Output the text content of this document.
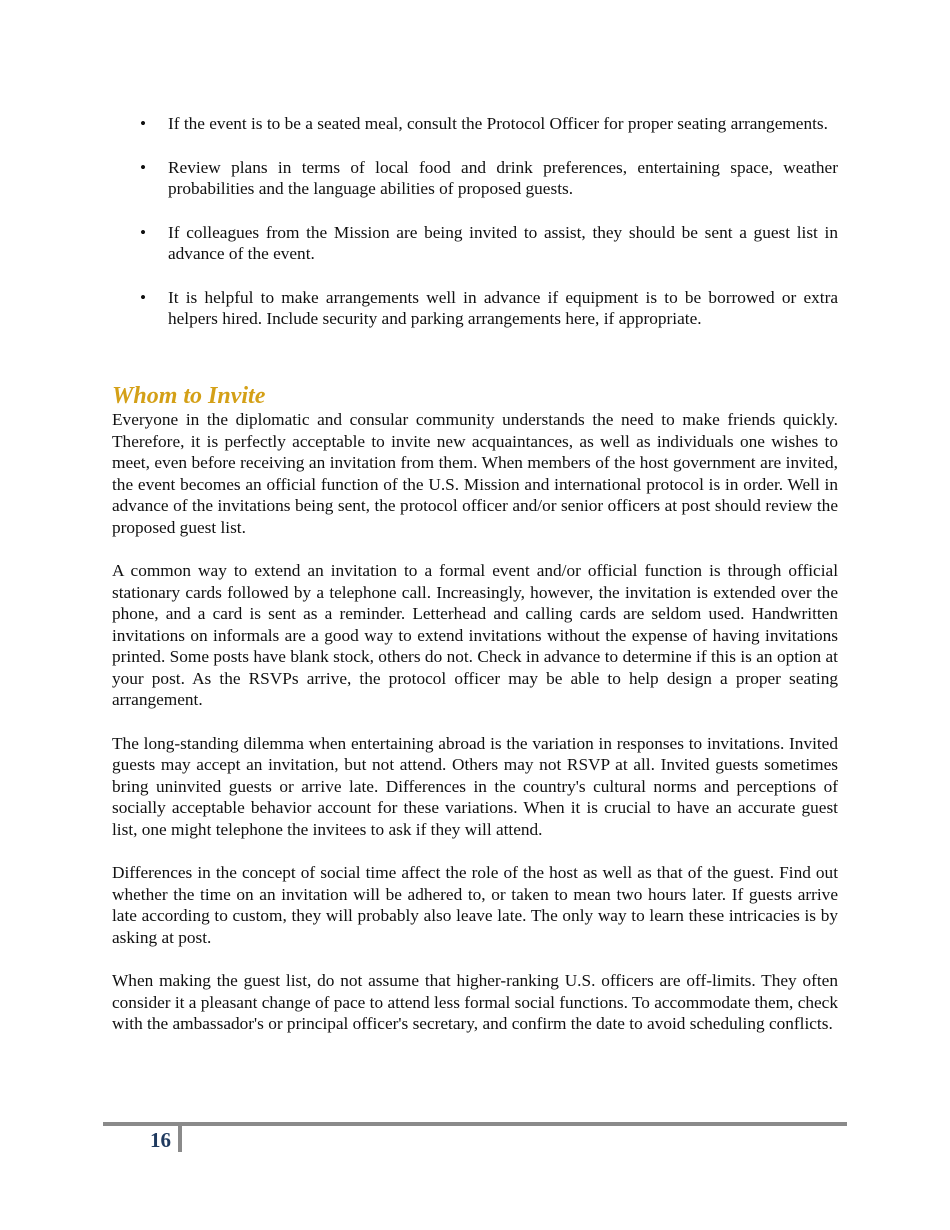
• If the event is to be a seated meal, consult the Protocol Officer for proper seating arrangements.
• Review plans in terms of local food and drink preferences, entertaining space, weather probabilities and the language abilities of proposed guests.
• If colleagues from the Mission are being invited to assist, they should be sent a guest list in advance of the event.
• It is helpful to make arrangements well in advance if equipment is to be borrowed or extra helpers hired. Include security and parking arrangements here, if appropriate.
Whom to Invite

Everyone in the diplomatic and consular community understands the need to make friends quickly. Therefore, it is perfectly acceptable to invite new acquaintances, as well as individuals one wishes to meet, even before receiving an invitation from them. When members of the host government are invited, the event becomes an official function of the U.S. Mission and international protocol is in order. Well in advance of the invitations being sent, the protocol officer and/or senior officers at post should review the proposed guest list.

A common way to extend an invitation to a formal event and/or official function is through official stationary cards followed by a telephone call. Increasingly, however, the invitation is extended over the phone, and a card is sent as a reminder. Letterhead and calling cards are seldom used. Handwritten invitations on informals are a good way to extend invitations without the expense of having invitations printed. Some posts have blank stock, others do not. Check in advance to determine if this is an option at your post. As the RSVPs arrive, the protocol officer may be able to help design a proper seating arrangement.

The long-standing dilemma when entertaining abroad is the variation in responses to invitations. Invited guests may accept an invitation, but not attend. Others may not RSVP at all. Invited guests sometimes bring uninvited guests or arrive late. Differences in the country's cultural norms and perceptions of socially acceptable behavior account for these variations. When it is crucial to have an accurate guest list, one might telephone the invitees to ask if they will attend.

Differences in the concept of social time affect the role of the host as well as that of the guest. Find out whether the time on an invitation will be adhered to, or taken to mean two hours later. If guests arrive late according to custom, they will probably also leave late. The only way to learn these intricacies is by asking at post.

When making the guest list, do not assume that higher-ranking U.S. officers are off-limits. They often consider it a pleasant change of pace to attend less formal social functions. To accommodate them, check with the ambassador's or principal officer's secretary, and confirm the date to avoid scheduling conflicts.

16
